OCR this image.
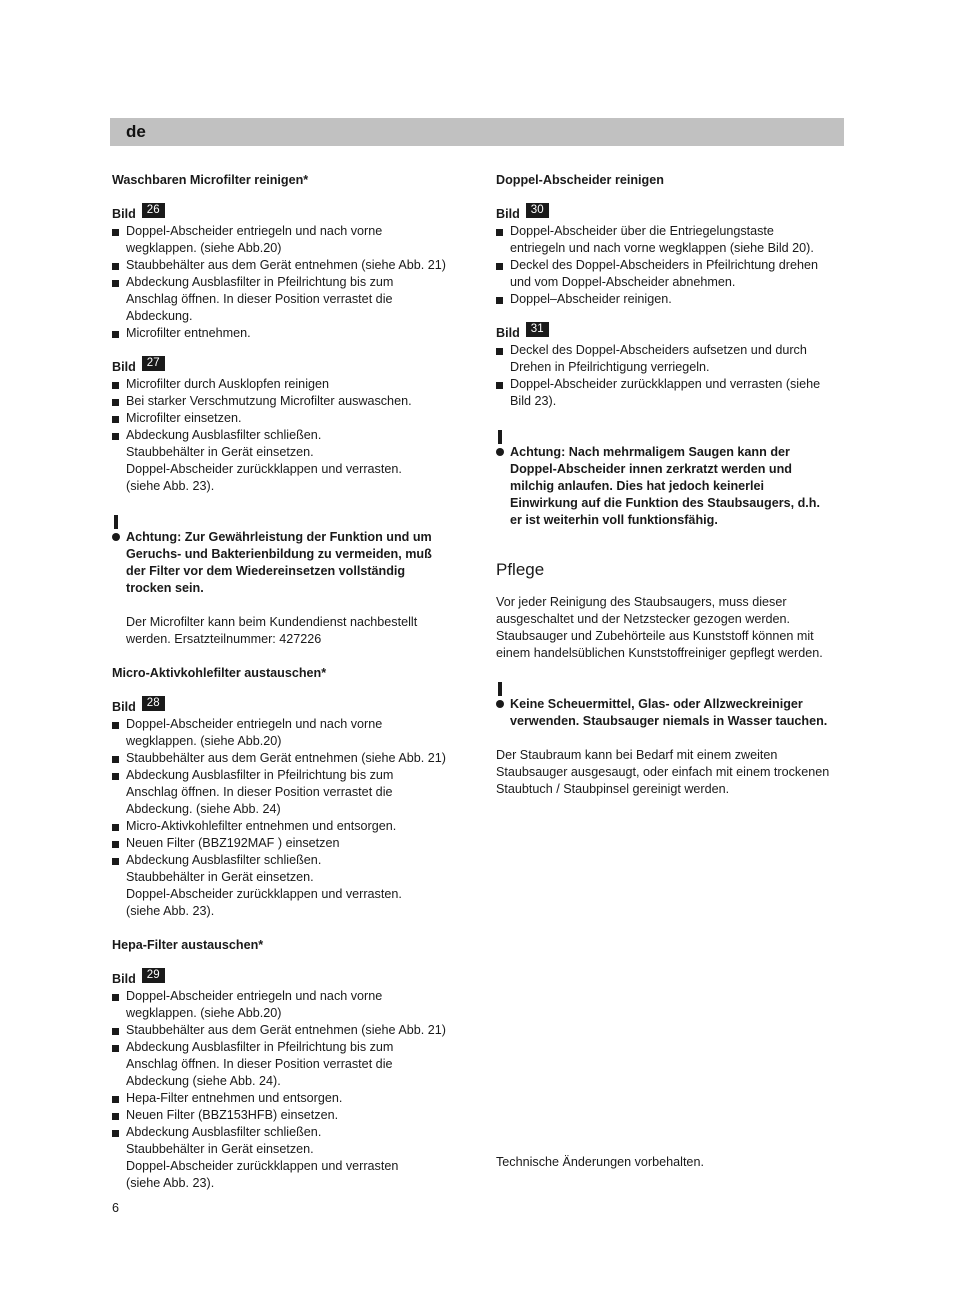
de

Waschbaren Microfilter reinigen*

Bild 26

Doppel-Abscheider entriegeln und nach vorne
wegklappen. (siehe Abb.20)
Staubbehälter aus dem Gerät entnehmen (siehe Abb. 21)
Abdeckung Ausblasfilter in Pfeilrichtung bis zum
Anschlag öffnen. In dieser Position verrastet die
Abdeckung.
Microfilter entnehmen.

Bild 27

Microfilter durch Ausklopfen reinigen
Bei starker Verschmutzung Microfilter auswaschen.
Microfilter einsetzen.
Abdeckung Ausblasfilter schließen.
Staubbehälter in Gerät einsetzen.
Doppel-Abscheider zurückklappen und verrasten.
(siehe Abb. 23).

Achtung: Zur Gewährleistung der Funktion und um
Geruchs- und Bakterienbildung zu vermeiden, muß
der Filter vor dem Wiedereinsetzen vollständig
trocken sein.

Der Microfilter kann beim Kundendienst nachbestellt
werden. Ersatzteilnummer: 427226

Micro-Aktivkohlefilter austauschen*

Bild 28

Doppel-Abscheider entriegeln und nach vorne
wegklappen. (siehe Abb.20)
Staubbehälter aus dem Gerät entnehmen (siehe Abb. 21)
Abdeckung Ausblasfilter in Pfeilrichtung bis zum
Anschlag öffnen. In dieser Position verrastet die
Abdeckung. (siehe Abb. 24)
Micro-Aktivkohlefilter entnehmen und entsorgen.
Neuen Filter (BBZ192MAF ) einsetzen
Abdeckung Ausblasfilter schließen.
Staubbehälter in Gerät einsetzen.
Doppel-Abscheider zurückklappen und verrasten.
(siehe Abb. 23).

Hepa-Filter austauschen*

Bild 29

Doppel-Abscheider entriegeln und nach vorne
wegklappen. (siehe Abb.20)
Staubbehälter aus dem Gerät entnehmen (siehe Abb. 21)
Abdeckung Ausblasfilter in Pfeilrichtung bis zum
Anschlag öffnen. In dieser Position verrastet die
Abdeckung (siehe Abb. 24).
Hepa-Filter entnehmen und entsorgen.
Neuen Filter (BBZ153HFB) einsetzen.
Abdeckung Ausblasfilter schließen.
Staubbehälter in Gerät einsetzen.
Doppel-Abscheider zurückklappen und verrasten
(siehe Abb. 23).

Doppel-Abscheider reinigen

Bild 30

Doppel-Abscheider über die Entriegelungstaste
entriegeln und nach vorne wegklappen (siehe Bild 20).
Deckel des Doppel-Abscheiders in Pfeilrichtung drehen
und vom Doppel-Abscheider abnehmen.
Doppel–Abscheider reinigen.

Bild 31

Deckel des Doppel-Abscheiders aufsetzen und durch
Drehen in Pfeilrichtigung verriegeln.
Doppel-Abscheider zurückklappen und verrasten (siehe
Bild 23).

Achtung: Nach mehrmaligem Saugen kann der
Doppel-Abscheider innen zerkratzt werden und
milchig anlaufen. Dies hat jedoch keinerlei
Einwirkung auf die Funktion des Staubsaugers, d.h.
er ist weiterhin voll funktionsfähig.

Pflege

Vor jeder Reinigung des Staubsaugers, muss dieser
ausgeschaltet und der Netzstecker gezogen werden.
Staubsauger und Zubehörteile aus Kunststoff können mit
einem handelsüblichen Kunststoffreiniger gepflegt werden.

Keine Scheuermittel, Glas- oder Allzweckreiniger
verwenden. Staubsauger niemals in Wasser tauchen.

Der Staubraum kann bei Bedarf mit einem zweiten
Staubsauger ausgesaugt, oder einfach mit einem trockenen
Staubtuch / Staubpinsel gereinigt werden.
Technische Änderungen vorbehalten.
6
